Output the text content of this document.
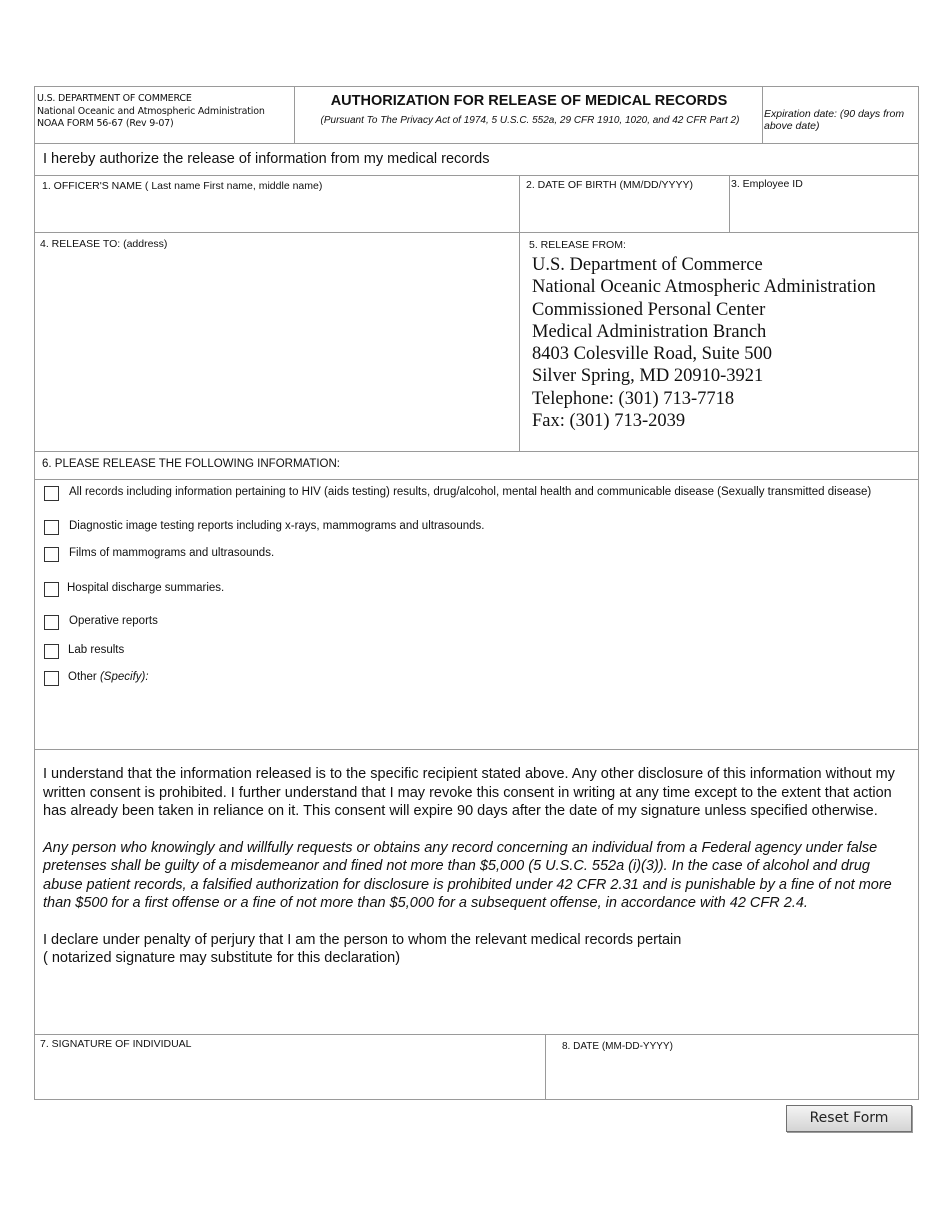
U.S. DEPARTMENT OF COMMERCE
National Oceanic and Atmospheric Administration
NOAA FORM 56-67 (Rev 9-07)
AUTHORIZATION FOR RELEASE OF MEDICAL RECORDS
(Pursuant To The Privacy Act of 1974, 5 U.S.C. 552a, 29 CFR 1910, 1020, and 42 CFR Part 2)
Expiration date: (90 days from above date)
I hereby authorize the release of information from my medical records
1. OFFICER'S NAME ( Last name First name, middle name)	2. DATE OF BIRTH (MM/DD/YYYY)	3. Employee ID
4. RELEASE TO: (address)	5. RELEASE FROM:
U.S. Department of Commerce
National Oceanic Atmospheric Administration
Commissioned Personal Center
Medical Administration Branch
8403 Colesville Road, Suite 500
Silver Spring, MD 20910-3921
Telephone: (301) 713-7718
Fax: (301) 713-2039
6. PLEASE RELEASE THE FOLLOWING INFORMATION:
All records including information pertaining to HIV (aids testing) results, drug/alcohol, mental health and communicable disease (Sexually transmitted disease)
Diagnostic image testing reports including x-rays, mammograms and ultrasounds.
Films of mammograms and ultrasounds.
Hospital discharge summaries.
Operative reports
Lab results
Other (Specify):

I understand that the information released is to the specific recipient stated above. Any other disclosure of this information without my written consent is prohibited. I further understand that I may revoke this consent in writing at any time except to the extent that action has already been taken in reliance on it. This consent will expire 90 days after the date of my signature unless specified otherwise.

Any person who knowingly and willfully requests or obtains any record concerning an individual from a Federal agency under false pretenses shall be guilty of a misdemeanor and fined not more than $5,000 (5 U.S.C. 552a (i)(3)). In the case of alcohol and drug abuse patient records, a falsified authorization for disclosure is prohibited under 42 CFR 2.31 and is punishable by a fine of not more than $500 for a first offense or a fine of not more than $5,000 for a subsequent offense, in accordance with 42 CFR 2.4.

I declare under penalty of perjury that I am the person to whom the relevant medical records pertain

( notarized signature may substitute for this declaration)

7. SIGNATURE OF INDIVIDUAL	8. DATE (MM-DD-YYYY)
Reset Form
